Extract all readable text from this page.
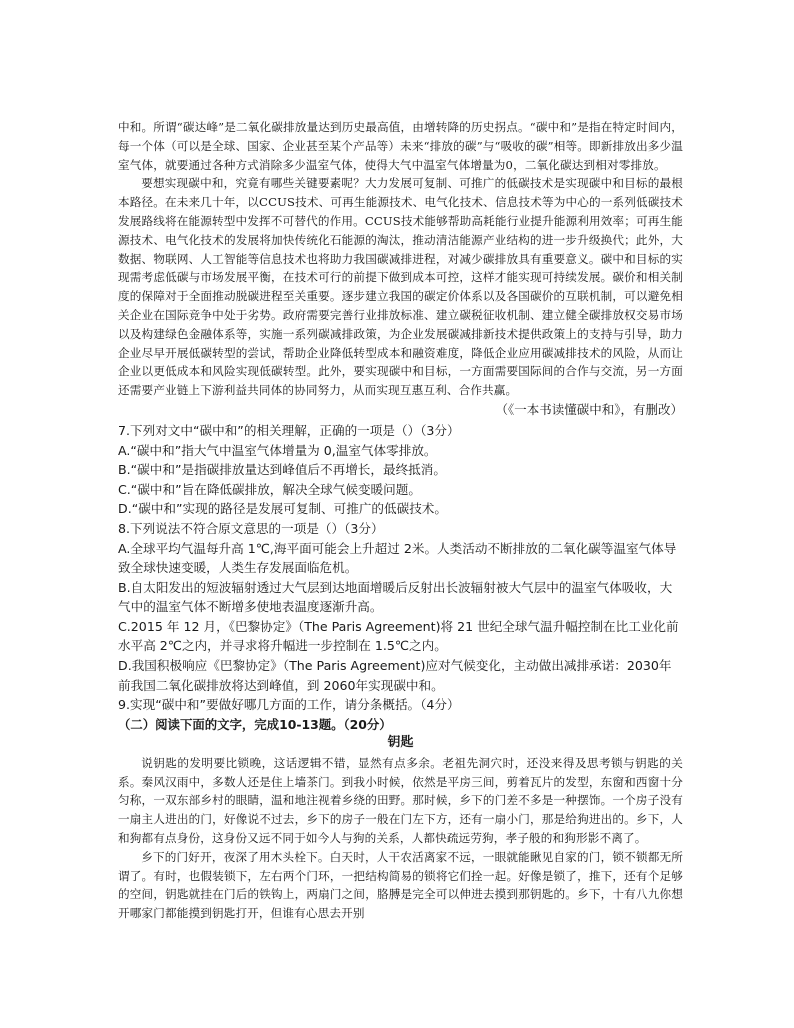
中和。所谓“碳达峰”是二氧化碳排放量达到历史最高值，由增转降的历史拐点。“碳中和”是指在特定时间内，每一个体（可以是全球、国家、企业甚至某个产品等）未来“排放的碳”与“吸收的碳”相等。即新排放出多少温室气体，就要通过各种方式消除多少温室气体，使得大气中温室气体增量为0，二氧化碳达到相对零排放。
要想实现碳中和，究竟有哪些关键要素呢？大力发展可复制、可推广的低碳技术是实现碳中和目标的最根本路径。在未来几十年，以CCUS技术、可再生能源技术、电气化技术、信息技术等为中心的一系列低碳技术发展路线将在能源转型中发挥不可替代的作用。CCUS技术能够帮助高耗能行业提升能源利用效率；可再生能源技术、电气化技术的发展将加快传统化石能源的淘汰，推动清洁能源产业结构的进一步升级换代；此外，大数据、物联网、人工智能等信息技术也将助力我国碳减排进程，对减少碳排放具有重要意义。碳中和目标的实现需考虑低碳与市场发展平衡，在技术可行的前提下做到成本可控，这样才能实现可持续发展。碳价和相关制度的保障对于全面推动脱碳进程至关重要。逐步建立我国的碳定价体系以及各国碳价的互联机制，可以避免相关企业在国际竞争中处于劣势。政府需要完善行业排放标准、建立碳税征收机制、建立健全碳排放权交易市场以及构建绿色金融体系等，实施一系列碳减排政策，为企业发展碳减排新技术提供政策上的支持与引导，助力企业尽早开展低碳转型的尝试，帮助企业降低转型成本和融资难度，降低企业应用碳减排技术的风险，从而让企业以更低成本和风险实现低碳转型。此外，要实现碳中和目标，一方面需要国际间的合作与交流，另一方面还需要产业链上下游利益共同体的协同努力，从而实现互惠互利、合作共赢。
（《一本书读懂碳中和》，有删改）
7.下列对文中“碳中和”的相关理解，正确的一项是（）（3分）
A.“碳中和”指大气中温室气体增量为 0,温室气体零排放。
B.“碳中和”是指碳排放量达到峰值后不再增长，最终抵消。
C.“碳中和”旨在降低碳排放，解决全球气候变暖问题。
D.“碳中和”实现的路径是发展可复制、可推广的低碳技术。
8.下列说法不符合原文意思的一项是（）（3分）
A.全球平均气温每升高 1℃,海平面可能会上升超过 2米。人类活动不断排放的二氧化碳等温室气体导致全球快速变暖，人类生存发展面临危机。
B.自太阳发出的短波辐射透过大气层到达地面增暖后反射出长波辐射被大气层中的温室气体吸收，大气中的温室气体不断增多使地表温度逐渐升高。
C.2015 年 12 月，《巴黎协定》（The Paris Agreement)将 21 世纪全球气温升幅控制在比工业化前水平高 2℃之内，并寻求将升幅进一步控制在 1.5℃之内。
D.我国积极响应《巴黎协定》（The Paris Agreement)应对气候变化，主动做出减排承诺：2030年前我国二氧化碳排放将达到峰值，到 2060年实现碳中和。
9.实现“碳中和”要做好哪几方面的工作，请分条概括。（4分）
（二）阅读下面的文字，完成10-13题。（20分）
钥匙
说钥匙的发明要比锁晚，这话逻辑不错，显然有点多余。老祖先洞穴时，还没来得及思考锁与钥匙的关系。秦风汉雨中，多数人还是住上墙茶门。到我小时候，依然是平房三间，剪着瓦片的发型，东窗和西窗十分匀称，一双东部乡村的眼睛，温和地注视着乡绕的田野。那时候，乡下的门差不多是一种摆饰。一个房子没有一扇主人进出的门，好像说不过去，乡下的房子一般在门左下方，还有一扇小门，那是给狗进出的。乡下，人和狗都有点身份，这身份又远不同于如今人与狗的关系，人都快疏远劳狗，孝子般的和狗形影不离了。
乡下的门好开，夜深了用木头栓下。白天时，人干农活离家不远，一眼就能瞅见自家的门，锁不锁都无所谓了。有时，也假装锁下，左右两个门环，一把结构简易的锁将它们拴一起。好像是锁了，推下，还有个足够的空间，钥匙就挂在门后的铁钩上，两扇门之间，胳膊是完全可以伸进去摸到那钥匙的。乡下，十有八九你想开哪家门都能摸到钥匙打开，但谁有心思去开别
